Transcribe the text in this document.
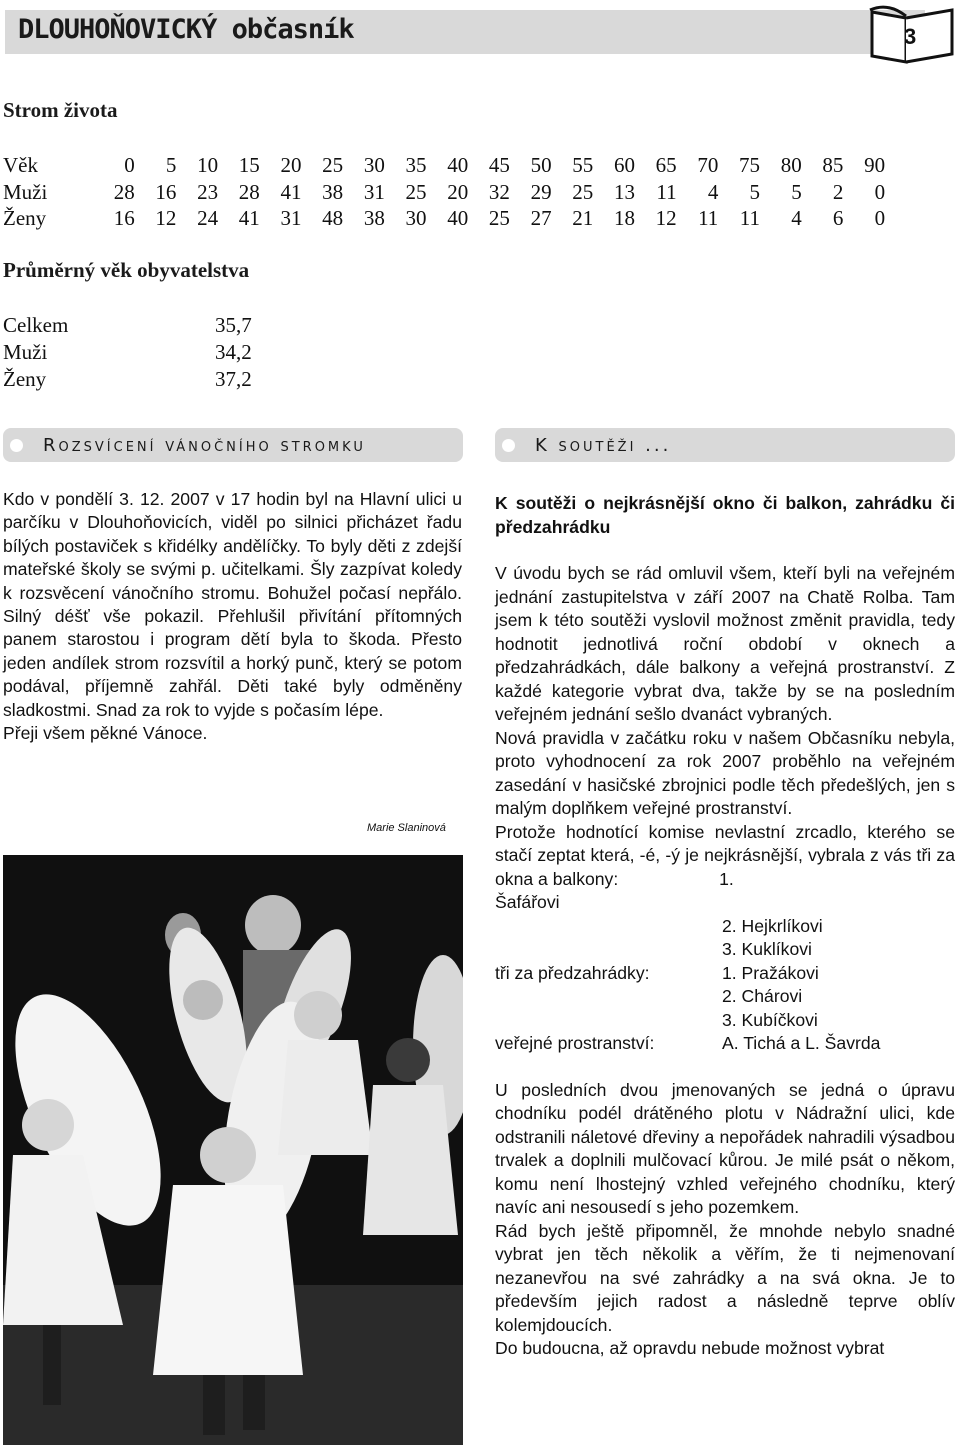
DLOUHOŇOVICKÝ občasník	3
Strom života
Věk	0	5 10 15 20 25 30 35 40 45 50 55 60 65 70 75 80 85 90
Muži	28 16 23 28 41 38 31 25 20 32 29 25 13	11	4	5	5	2	0
Ženy	16 12 24 41 31 48 38 30 40 25 27 21 18 12	11	11	4	6	0
Průměrný věk obyvatelstva
Celkem	35,7
Muži	34,2
Ženy	37,2
Rozsvícení vánočního stromku	K soutěži ...

Kdo v pondělí 3. 12. 2007 v 17 hodin byl na Hlavní ulici u parčíku v Dlouhoňovicích, viděl po silnici přicházet řadu bílých postaviček s křidélky andělíčky. To byly děti z zdejší mateřské školy se svými p. učitelkami. Šly zazpívat koledy k rozsvěcení vánočního stromu. Bohužel počasí nepřálo. Silný déšť vše pokazil. Přehlušil přivítání přítomných panem starostou i program dětí byla to škoda. Přesto jeden andílek strom rozsvítil a horký punč, který se potom podával, příjemně zahřál. Děti také byly odměněny sladkostmi. Snad za rok to vyjde s počasím lépe.

Přeji všem pěkné Vánoce.

Marie Slaninová

K soutěži o nejkrásnější okno či balkon, zahrádku či předzahrádku

V úvodu bych se rád omluvil všem, kteří byli na veřejném jednání zastupitelstva v září 2007 na Chatě Rolba. Tam jsem k této soutěži vyslovil možnost změnit pravidla, tedy hodnotit jednotlivá roční období v oknech a předzahrádkách, dále balkony a veřejná prostranství. Z každé kategorie vybrat dva, takže by se na posledním veřejném jednání sešlo dvanáct vybraných.

Nová pravidla v začátku roku v našem Občasníku nebyla, proto vyhodnocení za rok 2007 proběhlo na veřejném zasedání v hasičské zbrojnici podle těch předešlých, jen s malým doplňkem veřejné prostranství.

Protože hodnotící komise nevlastní zrcadlo, kterého se stačí zeptat která, -é, -ý je nejkrásnější, vybrala z vás tři za okna a balkony:	1.

Šafářovi

2. Hejkrlíkovi
3. Kuklíkovi
tři za předzahrádky:	1. Pražákovi
2. Chárovi
3. Kubíčkovi
veřejné prostranství:	A. Tichá a L. Šavrda

U posledních dvou jmenovaných se jedná o úpravu chodníku podél drátěného plotu v Nádražní ulici, kde odstranili náletové dřeviny a nepořádek nahradili výsadbou trvalek a doplnili mulčovací kůrou. Je milé psát o někom, komu není lhostejný vzhled veřejného chodníku, který navíc ani nesousedí s jeho pozemkem.

Rád bych ještě připomněl, že mnohde nebylo snadné vybrat jen těch několik a věřím, že ti nejmenovaní nezanevřou na své zahrádky a na svá okna. Je to především jejich radost a následně teprve oblív kolemjdoucích.

Do budoucna, až opravdu nebude možnost vybrat
